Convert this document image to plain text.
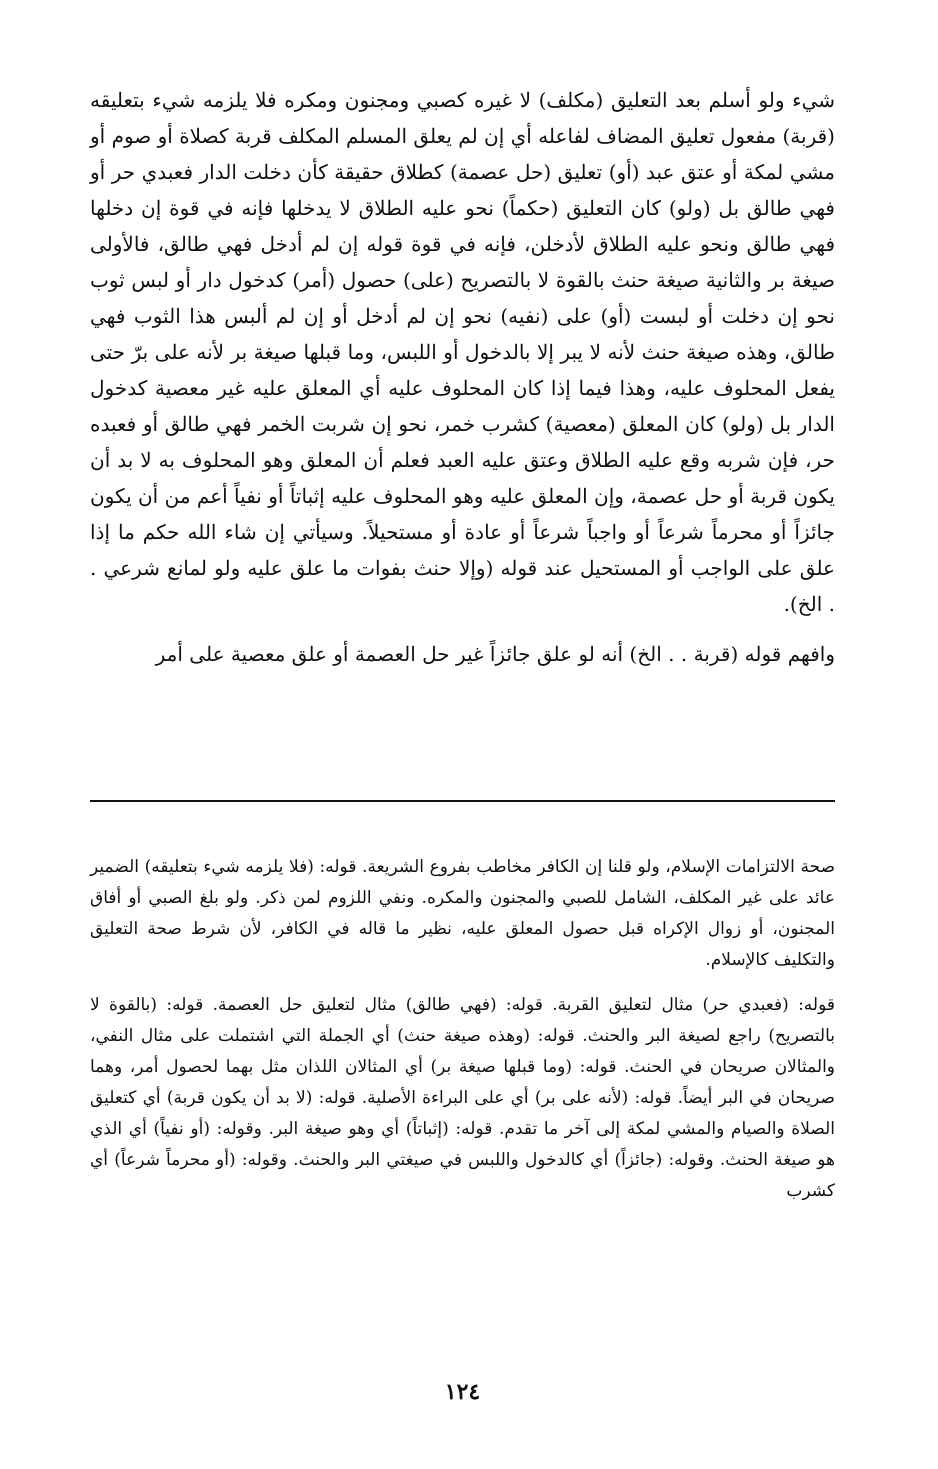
شيء ولو أسلم بعد التعليق (مكلف) لا غيره كصبي ومجنون ومكره فلا يلزمه شيء بتعليقه (قربة) مفعول تعليق المضاف لفاعله أي إن لم يعلق المسلم المكلف قربة كصلاة أو صوم أو مشي لمكة أو عتق عبد (أو) تعليق (حل عصمة) كطلاق حقيقة كأن دخلت الدار فعبدي حر أو فهي طالق بل (ولو) كان التعليق (حكماً) نحو عليه الطلاق لا يدخلها فإنه في قوة إن دخلها فهي طالق ونحو عليه الطلاق لأدخلن، فإنه في قوة قوله إن لم أدخل فهي طالق، فالأولى صيغة بر والثانية صيغة حنث بالقوة لا بالتصريح (على) حصول (أمر) كدخول دار أو لبس ثوب نحو إن دخلت أو لبست (أو) على (نفيه) نحو إن لم أدخل أو إن لم ألبس هذا الثوب فهي طالق، وهذه صيغة حنث لأنه لا يبر إلا بالدخول أو اللبس، وما قبلها صيغة بر لأنه على برّ حتى يفعل المحلوف عليه، وهذا فيما إذا كان المحلوف عليه أي المعلق عليه غير معصية كدخول الدار بل (ولو) كان المعلق (معصية) كشرب خمر، نحو إن شربت الخمر فهي طالق أو فعبده حر، فإن شربه وقع عليه الطلاق وعتق عليه العبد فعلم أن المعلق وهو المحلوف به لا بد أن يكون قربة أو حل عصمة، وإن المعلق عليه وهو المحلوف عليه إثباتاً أو نفياً أعم من أن يكون جائزاً أو محرماً شرعاً أو واجباً شرعاً أو عادة أو مستحيلاً. وسيأتي إن شاء الله حكم ما إذا علق على الواجب أو المستحيل عند قوله (وإلا حنث بفوات ما علق عليه ولو لمانع شرعي . . الخ).

وافهم قوله (قربة . . الخ) أنه لو علق جائزاً غير حل العصمة أو علق معصية على أمر

صحة الالتزامات الإسلام، ولو قلنا إن الكافر مخاطب بفروع الشريعة. قوله: (فلا يلزمه شيء بتعليقه) الضمير عائد على غير المكلف، الشامل للصبي والمجنون والمكره. ونفي اللزوم لمن ذكر. ولو بلغ الصبي أو أفاق المجنون، أو زوال الإكراه قبل حصول المعلق عليه، نظير ما قاله في الكافر، لأن شرط صحة التعليق والتكليف كالإسلام.

قوله: (فعبدي حر) مثال لتعليق القربة. قوله: (فهي طالق) مثال لتعليق حل العصمة. قوله: (بالقوة لا بالتصريح) راجع لصيغة البر والحنث. قوله: (وهذه صيغة حنث) أي الجملة التي اشتملت على مثال النفي، والمثالان صريحان في الحنث. قوله: (وما قبلها صيغة بر) أي المثالان اللذان مثل بهما لحصول أمر، وهما صريحان في البر أيضاً. قوله: (لأنه على بر) أي على البراءة الأصلية. قوله: (لا بد أن يكون قربة) أي كتعليق الصلاة والصيام والمشي لمكة إلى آخر ما تقدم. قوله: (إثباتاً) أي وهو صيغة البر. وقوله: (أو نفياً) أي الذي هو صيغة الحنث. وقوله: (جائزاً) أي كالدخول واللبس في صيغتي البر والحنث. وقوله: (أو محرماً شرعاً) أي كشرب

١٢٤
